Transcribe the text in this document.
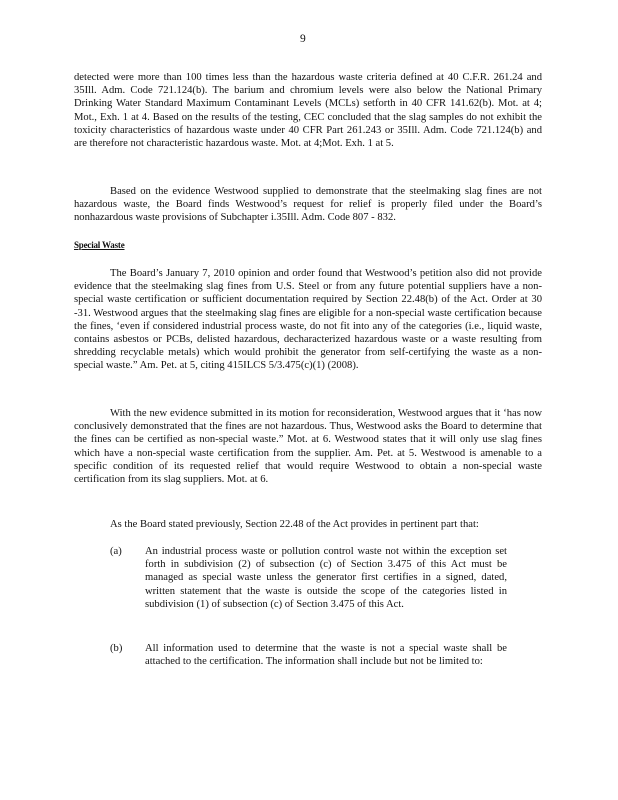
9

detected were more than 100 times less than the hazardous waste criteria defined at 40 C.F.R. 261.24 and 35Ill. Adm. Code 721.124(b). The barium and chromium levels were also below the National Primary Drinking Water Standard Maximum Contaminant Levels (MCLs) setforth in 40 CFR 141.62(b). Mot. at 4; Mot., Exh. 1 at 4. Based on the results of the testing, CEC concluded that the slag samples do not exhibit the toxicity characteristics of hazardous waste under 40 CFR Part 261.243 or 35Ill. Adm. Code 721.124(b) and are therefore not characteristic hazardous waste. Mot. at 4;Mot. Exh. 1 at 5.

Based on the evidence Westwood supplied to demonstrate that the steelmaking slag fines are not hazardous waste, the Board finds Westwood’s request for relief is properly filed under the Board’s nonhazardous waste provisions of Subchapter i.35Ill. Adm. Code 807 - 832.

Special Waste

The Board’s January 7, 2010 opinion and order found that Westwood’s petition also did not provide evidence that the steelmaking slag fines from U.S. Steel or from any future potential suppliers have a non-special waste certification or sufficient documentation required by Section 22.48(b) of the Act. Order at 30 -31. Westwood argues that the steelmaking slag fines are eligible for a non-special waste certification because the fines, ‘even if considered industrial process waste, do not fit into any of the categories (i.e., liquid waste, contains asbestos or PCBs, delisted hazardous, decharacterized hazardous waste or a waste resulting from shredding recyclable metals) which would prohibit the generator from self-certifying the waste as a non-special waste.” Am. Pet. at 5, citing 415ILCS 5/3.475(c)(1) (2008).

With the new evidence submitted in its motion for reconsideration, Westwood argues that it ‘has now conclusively demonstrated that the fines are not hazardous. Thus, Westwood asks the Board to determine that the fines can be certified as non-special waste.” Mot. at 6. Westwood states that it will only use slag fines which have a non-special waste certification from the supplier. Am. Pet. at 5. Westwood is amenable to a specific condition of its requested relief that would require Westwood to obtain a non-special waste certification from its slag suppliers. Mot. at 6.

As the Board stated previously, Section 22.48 of the Act provides in pertinent part that:
(a) An industrial process waste or pollution control waste not within the exception set forth in subdivision (2) of subsection (c) of Section 3.475 of this Act must be managed as special waste unless the generator first certifies in a signed, dated, written statement that the waste is outside the scope of the categories listed in subdivision (1) of subsection (c) of Section 3.475 of this Act.

(b) All information used to determine that the waste is not a special waste shall be attached to the certification. The information shall include but not be limited to:
